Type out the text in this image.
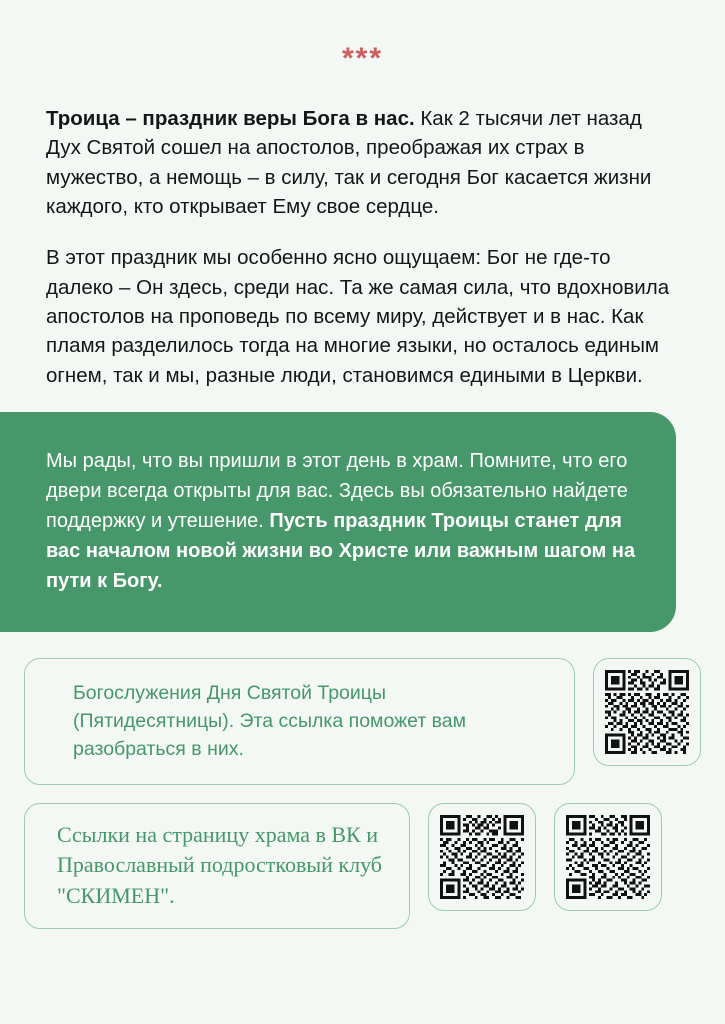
***

Троица – праздник веры Бога в нас. Как 2 тысячи лет назад Дух Святой сошел на апостолов, преображая их страх в мужество, а немощь – в силу, так и сегодня Бог касается жизни каждого, кто открывает Ему свое сердце.

В этот праздник мы особенно ясно ощущаем: Бог не где-то далеко – Он здесь, среди нас. Та же самая сила, что вдохновила апостолов на проповедь по всему миру, действует и в нас. Как пламя разделилось тогда на многие языки, но осталось единым огнем, так и мы, разные люди, становимся едиными в Церкви.

Мы рады, что вы пришли в этот день в храм. Помните, что его двери всегда открыты для вас. Здесь вы обязательно найдете поддержку и утешение. Пусть праздник Троицы станет для вас началом новой жизни во Христе или важным шагом на пути к Богу.
Богослужения Дня Святой Троицы (Пятидесятницы). Эта ссылка поможет вам разобраться в них.
Ссылки на страницу храма в ВК и Православный подростковый клуб "СКИМЕН".
